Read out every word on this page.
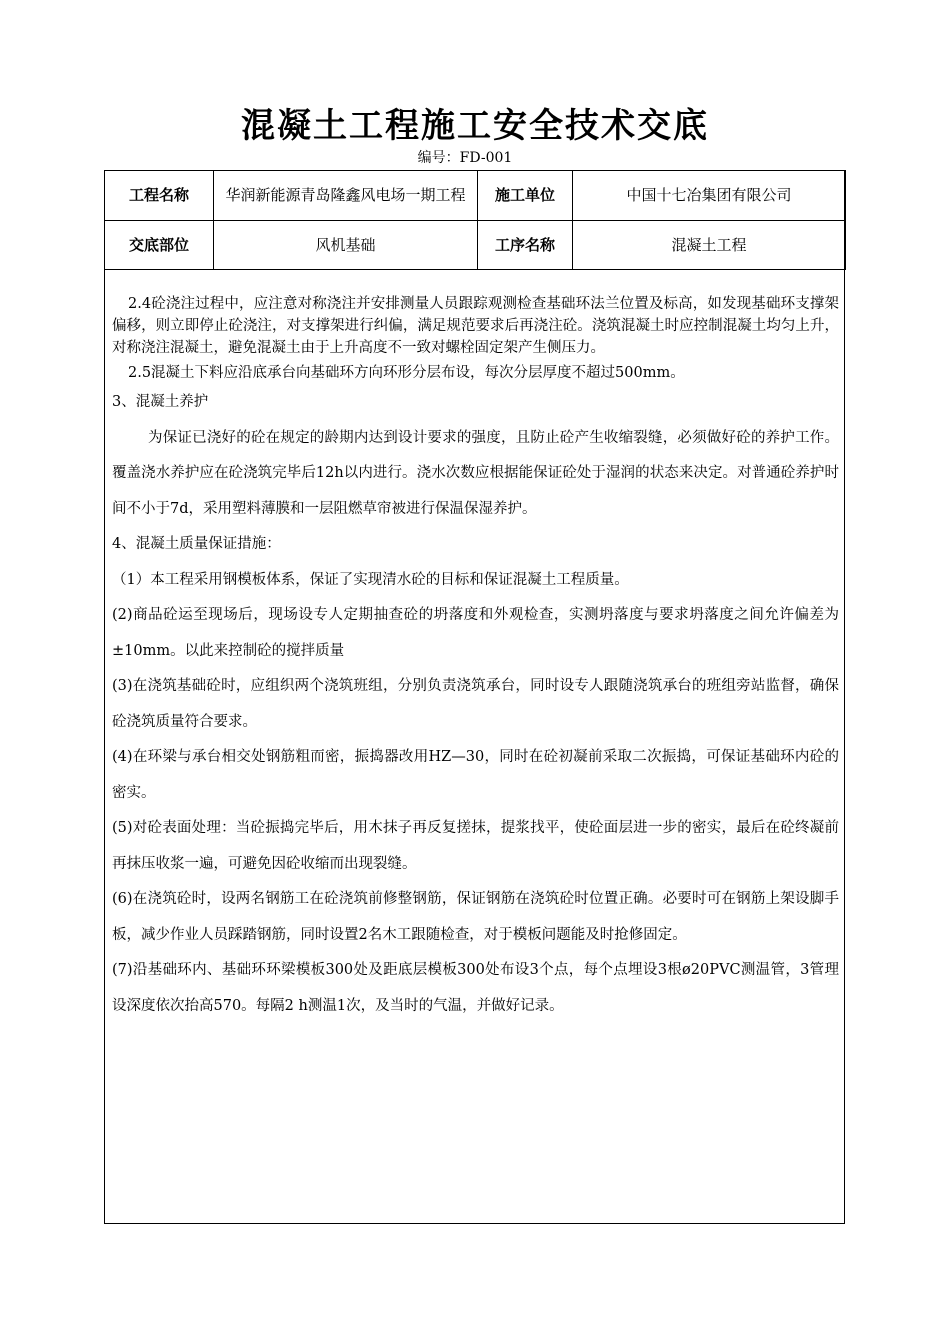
混凝土工程施工安全技术交底
编号：FD-001
工程名称	华润新能源青岛隆鑫风电场一期工程	施工单位	中国十七冶集团有限公司
交底部位	风机基础	工序名称	混凝土工程

2.4砼浇注过程中，应注意对称浇注并安排测量人员跟踪观测检查基础环法兰位置及标高，如发现基础环支撑架偏移，则立即停止砼浇注，对支撑架进行纠偏，满足规范要求后再浇注砼。浇筑混凝土时应控制混凝土均匀上升，对称浇注混凝土，避免混凝土由于上升高度不一致对螺栓固定架产生侧压力。

2.5混凝土下料应沿底承台向基础环方向环形分层布设，每次分层厚度不超过500mm。

3、混凝土养护

为保证已浇好的砼在规定的龄期内达到设计要求的强度，且防止砼产生收缩裂缝，必须做好砼的养护工作。覆盖浇水养护应在砼浇筑完毕后12h以内进行。浇水次数应根据能保证砼处于湿润的状态来决定。对普通砼养护时间不小于7d，采用塑料薄膜和一层阻燃草帘被进行保温保湿养护。

4、混凝土质量保证措施：

（1）本工程采用钢模板体系，保证了实现清水砼的目标和保证混凝土工程质量。

(2)商品砼运至现场后，现场设专人定期抽查砼的坍落度和外观检查，实测坍落度与要求坍落度之间允许偏差为±10mm。以此来控制砼的搅拌质量

(3)在浇筑基础砼时，应组织两个浇筑班组，分别负责浇筑承台，同时设专人跟随浇筑承台的班组旁站监督，确保砼浇筑质量符合要求。

(4)在环梁与承台相交处钢筋粗而密，振捣器改用HZ—30，同时在砼初凝前采取二次振捣，可保证基础环内砼的密实。

(5)对砼表面处理：当砼振捣完毕后，用木抹子再反复搓抹，提浆找平，使砼面层进一步的密实，最后在砼终凝前再抹压收浆一遍，可避免因砼收缩而出现裂缝。

(6)在浇筑砼时，设两名钢筋工在砼浇筑前修整钢筋，保证钢筋在浇筑砼时位置正确。必要时可在钢筋上架设脚手板，减少作业人员踩踏钢筋，同时设置2名木工跟随检查，对于模板问题能及时抢修固定。

(7)沿基础环内、基础环环梁模板300处及距底层模板300处布设3个点，每个点埋设3根ø20PVC测温管，3管理设深度依次抬高570。每隔2 h测温1次，及当时的气温，并做好记录。
